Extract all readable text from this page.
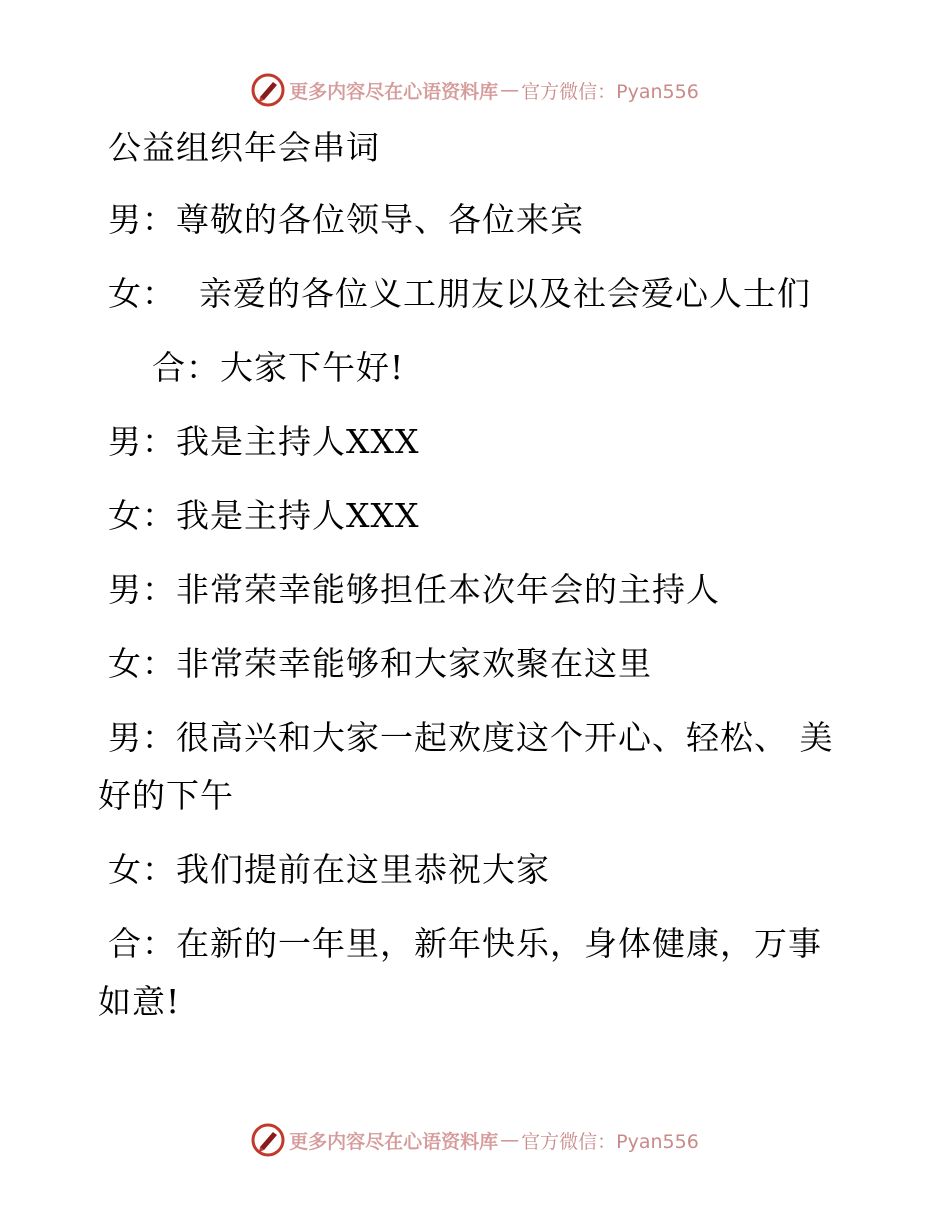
更多内容尽在心语资料库 — 官方微信：Pyan556
公益组织年会串词
男：尊敬的各位领导、各位来宾
女：  亲爱的各位义工朋友以及社会爱心人士们
合：大家下午好!
男：我是主持人XXX
女：我是主持人XXX
男：非常荣幸能够担任本次年会的主持人
女：非常荣幸能够和大家欢聚在这里
男：很高兴和大家一起欢度这个开心、轻松、 美
好的下午
女：我们提前在这里恭祝大家
合：在新的一年里，新年快乐，身体健康，万事
如意!
更多内容尽在心语资料库 — 官方微信：Pyan556
